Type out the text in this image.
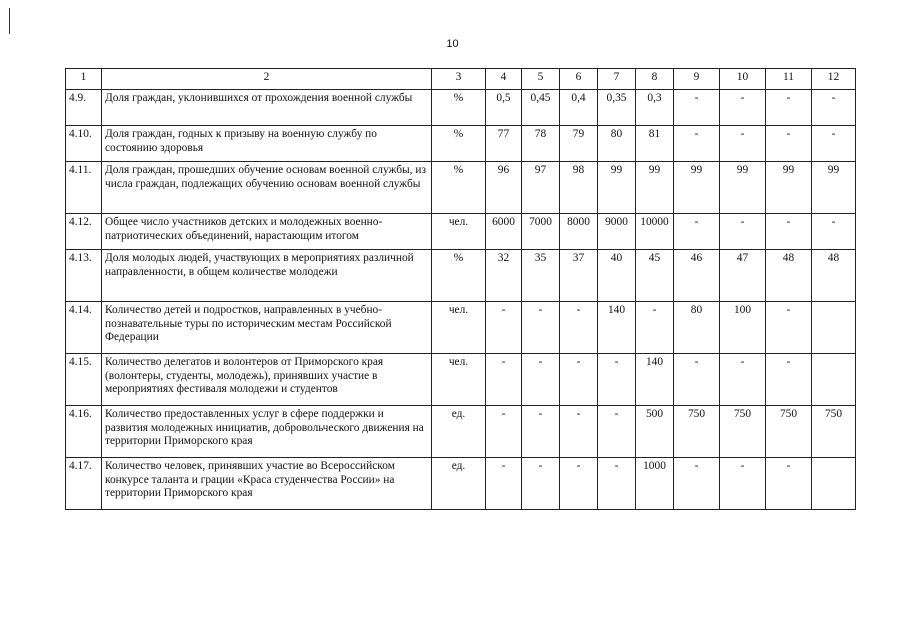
10
1	2	3	4	5	6	7	8	9	10	11	12
4.9.	Доля граждан, уклонившихся от прохождения военной службы	%	0,5	0,45	0,4	0,35	0,3	-	-	-	-
4.10.	Доля граждан, годных к призыву на военную службу по состоянию здоровья	%	77	78	79	80	81	-	-	-	-
4.11.	Доля граждан, прошедших обучение основам военной службы, из числа граждан, подлежащих обучению основам военной службы	%	96	97	98	99	99	99	99	99	99
4.12.	Общее число участников детских и молодежных военно-патриотических объединений, нарастающим итогом	чел.	6000	7000	8000	9000	10000	-	-	-	-
4.13.	Доля молодых людей, участвующих в мероприятиях различной направленности, в общем количестве молодежи	%	32	35	37	40	45	46	47	48	48
4.14.	Количество детей и подростков, направленных в учебно-познавательные туры по историческим местам Российской Федерации	чел.	-	-	-	140	-	80	100	-	
4.15.	Количество делегатов и волонтеров от Приморского края (волонтеры, студенты, молодежь), принявших участие в мероприятиях фестиваля молодежи и студентов	чел.	-	-	-	-	140	-	-	-	
4.16.	Количество предоставленных услуг в сфере поддержки и развития молодежных инициатив, добровольческого движения на территории Приморского края	ед.	-	-	-	-	500	750	750	750	750
4.17.	Количество человек, принявших участие во Всероссийском конкурсе таланта и грации «Краса студенчества России» на территории Приморского края	ед.	-	-	-	-	1000	-	-	-	
